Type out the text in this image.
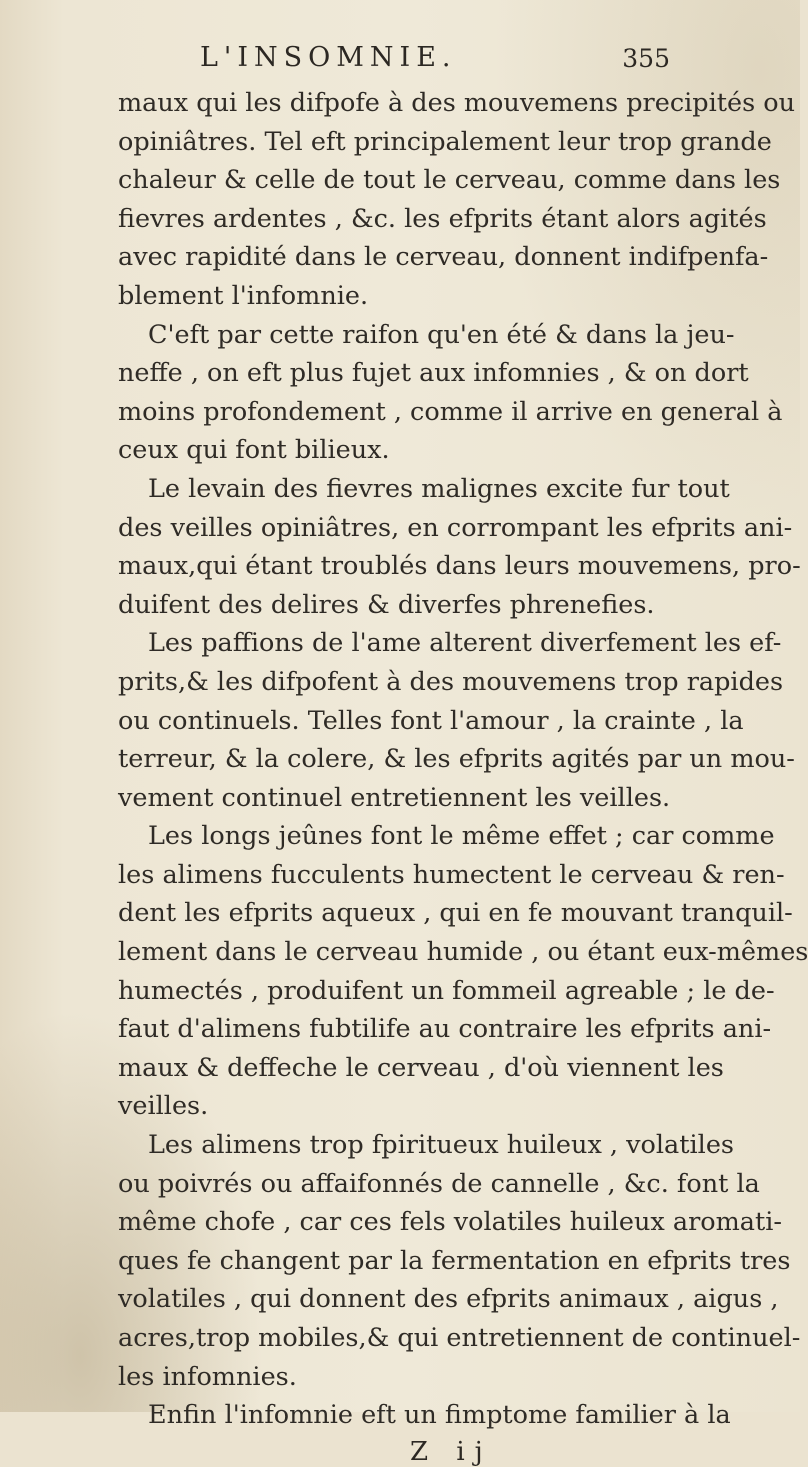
L'INSOMNIE.	355
maux qui les difpofe à des mouvemens precipités ou
opiniâtres. Tel eft principalement leur trop grande
chaleur & celle de tout le cerveau, comme dans les
fievres ardentes , &c. les efprits étant alors agités
avec rapidité dans le cerveau, donnent indifpenfa-
blement l'infomnie.
C'eft par cette raifon qu'en été & dans la jeu-
neffe , on eft plus fujet aux infomnies , & on dort
moins profondement , comme il arrive en general à
ceux qui font bilieux.
Le levain des fievres malignes excite fur tout
des veilles opiniâtres, en corrompant les efprits ani-
maux,qui étant troublés dans leurs mouvemens, pro-
duifent des delires & diverfes phrenefies.
Les paffions de l'ame alterent diverfement les ef-
prits,& les difpofent à des mouvemens trop rapides
ou continuels. Telles font l'amour , la crainte , la
terreur, & la colere, & les efprits agités par un mou-
vement continuel entretiennent les veilles.
Les longs jeûnes font le même effet ; car comme
les alimens fucculents humectent le cerveau & ren-
dent les efprits aqueux , qui en fe mouvant tranquil-
lement dans le cerveau humide , ou étant eux-mêmes
humectés , produifent un fommeil agreable ; le de-
faut d'alimens fubtilife au contraire les efprits ani-
maux & deffeche le cerveau , d'où viennent les
veilles.
Les alimens trop fpiritueux huileux , volatiles
ou poivrés ou affaifonnés de cannelle , &c. font la
même chofe , car ces fels volatiles huileux aromati-
ques fe changent par la fermentation en efprits tres
volatiles , qui donnent des efprits animaux , aigus ,
acres,trop mobiles,& qui entretiennent de continuel-
les infomnies.
Enfin l'infomnie eft un fimptome familier à la
Z ij
